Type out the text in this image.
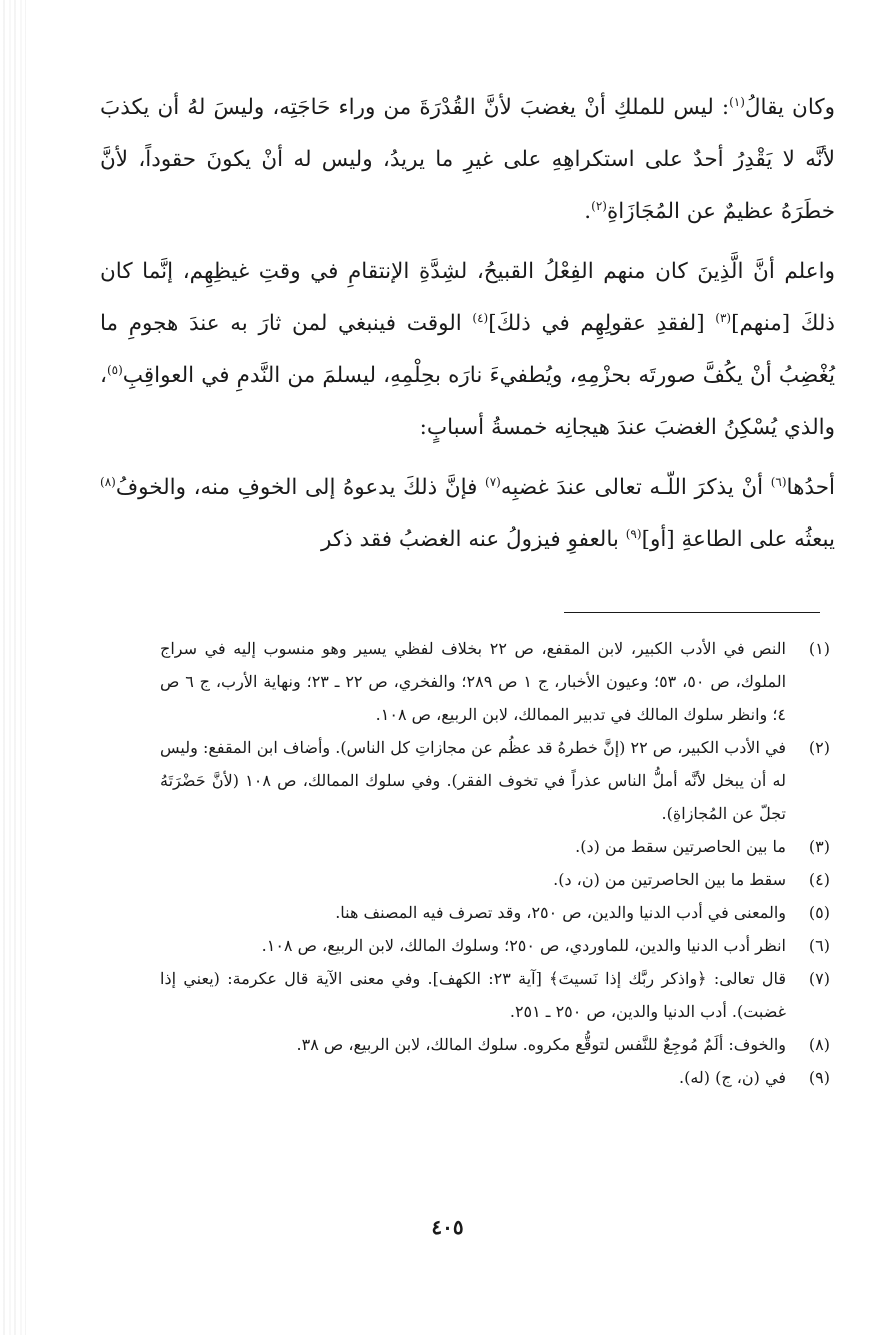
وكان يقالُ$^{(١)}$: ليس للملكِ أنْ يغضبَ لأنَّ القُدْرَةَ من وراء حَاجَتِه، وليسَ لهُ أن يكذبَ لأنَّه لا يَقْدِرُ أحدٌ على استكراهِهِ على غيرِ ما يريدُ، وليس له أنْ يكونَ حقوداً، لأنَّ خطَرَهُ عظيمٌ عن المُجَازَاةِ$^{(٢)}$.

واعلم أنَّ الَّذِينَ كان منهم الفِعْلُ القبيحُ، لشِدَّةِ الإنتقامِ في وقتِ غيظِهِم، إنَّما كان ذلكَ [منهم]$^{(٣)}$ [لفقدِ عقولِهِم في ذلكَ]$^{(٤)}$ الوقت فينبغي لمن ثارَ به عندَ هجومِ ما يُغْضِبُ أنْ يكُفَّ صورتَه بحزْمِهِ، ويُطفيءَ نارَه بحِلْمِهِ، ليسلمَ من النَّدمِ في العواقِبِ$^{(٥)}$، والذي يُسْكِنُ الغضبَ عندَ هيجانِه خمسةُ أسبابٍ:

أحدُها$^{(٦)}$ أنْ يذكرَ اللّـه تعالى عندَ غضبِه$^{(٧)}$ فإنَّ ذلكَ يدعوهُ إلى الخوفِ منه، والخوفُ$^{(٨)}$ يبعثُه على الطاعةِ [أو]$^{(٩)}$ بالعفوِ فيزولُ عنه الغضبُ فقد ذكر

(١)
النص في الأدب الكبير، لابن المقفع، ص ٢٢ بخلاف لفظي يسير وهو منسوب إليه في سراج الملوك، ص ٥٠، ٥٣؛ وعيون الأخبار، ج ١ ص ٢٨٩؛ والفخري، ص ٢٢ ـ ٢٣؛ ونهاية الأرب، ج ٦ ص ٤؛ وانظر سلوك المالك في تدبير الممالك، لابن الربيع، ص ١٠٨.
(٢)
في الأدب الكبير، ص ٢٢ (إنَّ خطرهُ قد عظُم عن مجازاتِ كل الناس). وأضاف ابن المقفع: وليس له أن يبخل لأنَّه أملُّ الناس عذراً في تخوف الفقر). وفي سلوك الممالك، ص ١٠٨ (لأنَّ حَضْرَتَهُ تجلّ عن المُجازاةِ).
(٣)
ما بين الحاصرتين سقط من (د).
(٤)
سقط ما بين الحاصرتين من (ن، د).
(٥)
والمعنى في أدب الدنيا والدين، ص ٢٥٠، وقد تصرف فيه المصنف هنا.
(٦)
انظر أدب الدنيا والدين، للماوردي، ص ٢٥٠؛ وسلوك المالك، لابن الربيع، ص ١٠٨.
(٧)
قال تعالى: ﴿واذكر ربَّك إذا نَسيتَ﴾ [آية ٢٣: الكهف]. وفي معنى الآية قال عكرمة: (يعني إذا غضبت). أدب الدنيا والدين، ص ٢٥٠ ـ ٢٥١.
(٨)
والخوف: ألَمٌ مُوجِعٌ للنَّفس لتوقُّع مكروه. سلوك المالك، لابن الربيع، ص ٣٨.
(٩)
في (ن، ج) (له).
٤٠٥
